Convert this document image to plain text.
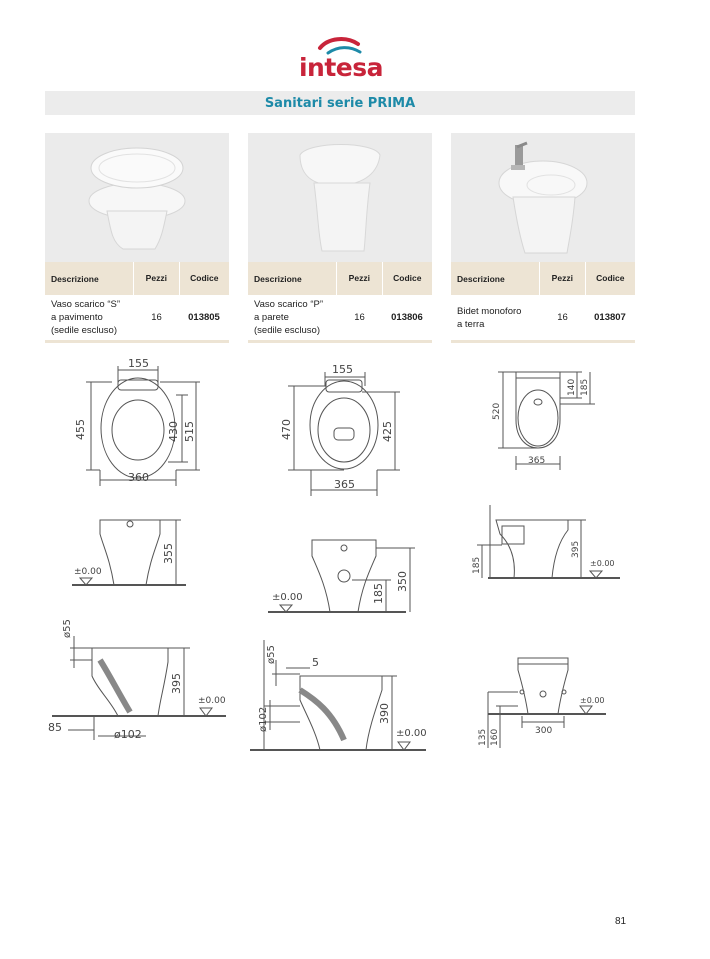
intesa
Sanitari serie PRIMA
Descrizione	Pezzi	Codice
Vaso scarico “S”
a pavimento
(sedile escluso)
16	013805
Descrizione	Pezzi	Codice
Vaso scarico “P”
a parete
(sedile escluso)
16	013806
Descrizione	Pezzi	Codice
Bidet monoforo
a terra
16	013807
155
455	430 515
360
355
±0.00
ø55
395
±0.00
85
ø102
155
470	425
365
±0.00	185
350
ø55	5
ø102	390
±0.00
520
140 185
365
185
395
±0.00
±0.00
135 160	300
81
